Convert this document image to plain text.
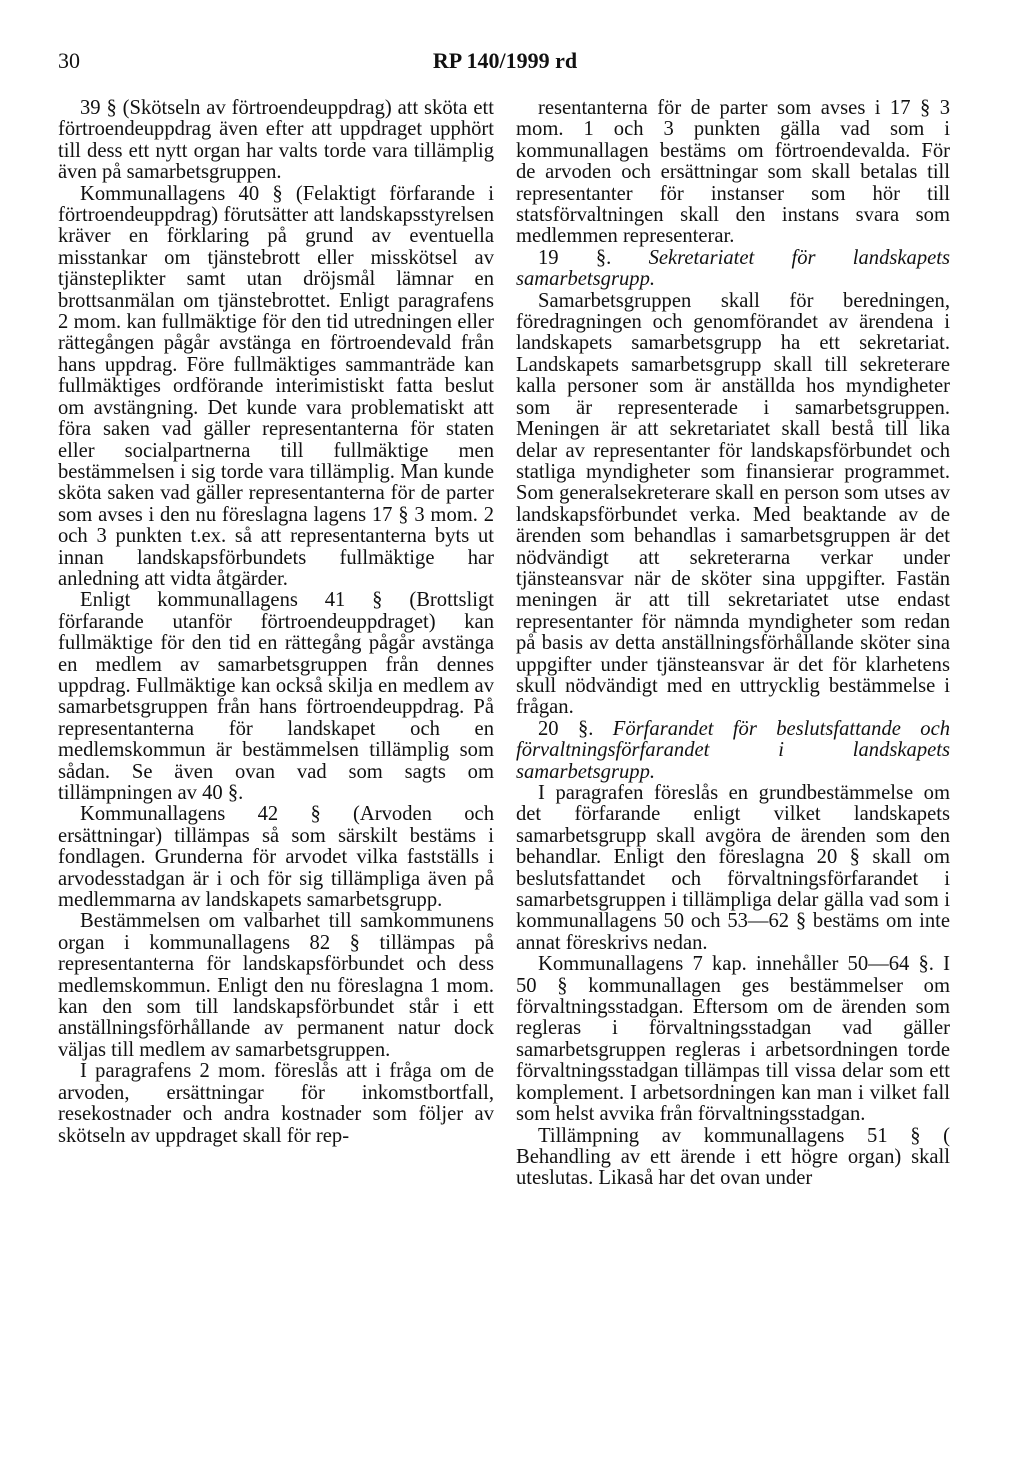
30	RP 140/1999 rd

39 § (Skötseln av förtroendeuppdrag) att sköta ett förtroendeuppdrag även efter att uppdraget upphört till dess ett nytt organ har valts torde vara tillämplig även på samarbetsgruppen.

Kommunallagens 40 § (Felaktigt förfarande i förtroendeuppdrag) förutsätter att landskapsstyrelsen kräver en förklaring på grund av eventuella misstankar om tjänstebrott eller misskötsel av tjänsteplikter samt utan dröjsmål lämnar en brottsanmälan om tjänstebrottet. Enligt paragrafens 2 mom. kan fullmäktige för den tid utredningen eller rättegången pågår avstänga en förtroendevald från hans uppdrag. Före fullmäktiges sammanträde kan fullmäktiges ordförande interimistiskt fatta beslut om avstängning. Det kunde vara problematiskt att föra saken vad gäller representanterna för staten eller socialpartnerna till fullmäktige men bestämmelsen i sig torde vara tillämplig. Man kunde sköta saken vad gäller representanterna för de parter som avses i den nu föreslagna lagens 17 § 3 mom. 2 och 3 punkten t.ex. så att representanterna byts ut innan landskapsförbundets fullmäktige har anledning att vidta åtgärder.

Enligt kommunallagens 41 § (Brottsligt förfarande utanför förtroendeuppdraget) kan fullmäktige för den tid en rättegång pågår avstänga en medlem av samarbetsgruppen från dennes uppdrag. Fullmäktige kan också skilja en medlem av samarbetsgruppen från hans förtroendeuppdrag. På representanterna för landskapet och en medlemskommun är bestämmelsen tillämplig som sådan. Se även ovan vad som sagts om tillämpningen av 40 §.

Kommunallagens 42 § (Arvoden och ersättningar) tillämpas så som särskilt bestäms i fondlagen. Grunderna för arvodet vilka fastställs i arvodesstadgan är i och för sig tillämpliga även på medlemmarna av landskapets samarbetsgrupp.

Bestämmelsen om valbarhet till samkommunens organ i kommunallagens 82 § tillämpas på representanterna för landskapsförbundet och dess medlemskommun. Enligt den nu föreslagna 1 mom. kan den som till landskapsförbundet står i ett anställningsförhållande av permanent natur dock väljas till medlem av samarbetsgruppen.

I paragrafens 2 mom. föreslås att i fråga om de arvoden, ersättningar för inkomstbortfall, resekostnader och andra kostnader som följer av skötseln av uppdraget skall för rep-

resentanterna för de parter som avses i 17 § 3 mom. 1 och 3 punkten gälla vad som i kommunallagen bestäms om förtroendevalda. För de arvoden och ersättningar som skall betalas till representanter för instanser som hör till statsförvaltningen skall den instans svara som medlemmen representerar.

19 §. Sekretariatet för landskapets samarbetsgrupp.

Samarbetsgruppen skall för beredningen, föredragningen och genomförandet av ärendena i landskapets samarbetsgrupp ha ett sekretariat. Landskapets samarbetsgrupp skall till sekreterare kalla personer som är anställda hos myndigheter som är representerade i samarbetsgruppen. Meningen är att sekretariatet skall bestå till lika delar av representanter för landskapsförbundet och statliga myndigheter som finansierar programmet. Som generalsekreterare skall en person som utses av landskapsförbundet verka. Med beaktande av de ärenden som behandlas i samarbetsgruppen är det nödvändigt att sekreterarna verkar under tjänsteansvar när de sköter sina uppgifter. Fastän meningen är att till sekretariatet utse endast representanter för nämnda myndigheter som redan på basis av detta anställningsförhållande sköter sina uppgifter under tjänsteansvar är det för klarhetens skull nödvändigt med en uttrycklig bestämmelse i frågan.

20 §. Förfarandet för beslutsfattande och förvaltningsförfarandet i landskapets samarbetsgrupp.

I paragrafen föreslås en grundbestämmelse om det förfarande enligt vilket landskapets samarbetsgrupp skall avgöra de ärenden som den behandlar. Enligt den föreslagna 20 § skall om beslutsfattandet och förvaltningsförfarandet i samarbetsgruppen i tillämpliga delar gälla vad som i kommunallagens 50 och 53—62 § bestäms om inte annat föreskrivs nedan.

Kommunallagens 7 kap. innehåller 50—64 §. I 50 § kommunallagen ges bestämmelser om förvaltningsstadgan. Eftersom om de ärenden som regleras i förvaltningsstadgan vad gäller samarbetsgruppen regleras i arbetsordningen torde förvaltningsstadgan tillämpas till vissa delar som ett komplement. I arbetsordningen kan man i vilket fall som helst avvika från förvaltningsstadgan.

Tillämpning av kommunallagens 51 § ( Behandling av ett ärende i ett högre organ) skall uteslutas. Likaså har det ovan under
